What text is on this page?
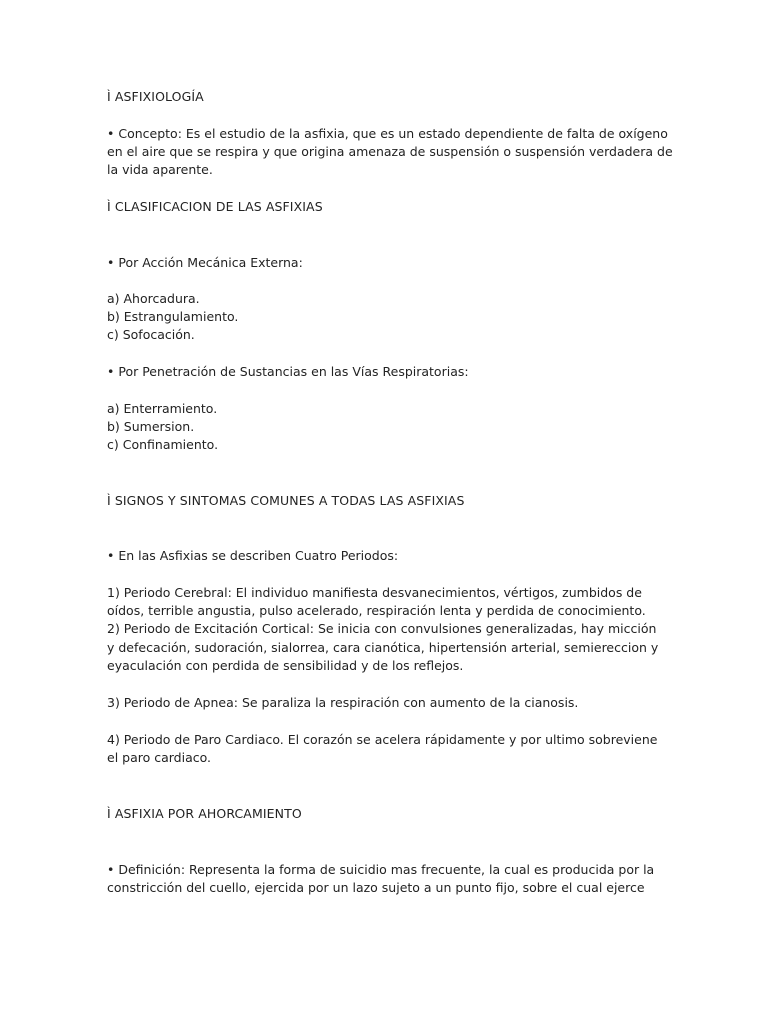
Ì ASFIXIOLOGÍA
• Concepto: Es el estudio de la asfixia, que es un estado dependiente de falta de oxígeno
en el aire que se respira y que origina amenaza de suspensión o suspensión verdadera de
la vida aparente.
Ì CLASIFICACION DE LAS ASFIXIAS
• Por Acción Mecánica Externa:
a) Ahorcadura.
b) Estrangulamiento.
c) Sofocación.
• Por Penetración de Sustancias en las Vías Respiratorias:
a) Enterramiento.
b) Sumersion.
c) Confinamiento.
Ì SIGNOS Y SINTOMAS COMUNES A TODAS LAS ASFIXIAS
• En las Asfixias se describen Cuatro Periodos:
1) Periodo Cerebral: El individuo manifiesta desvanecimientos, vértigos, zumbidos de
oídos, terrible angustia, pulso acelerado, respiración lenta y perdida de conocimiento.
2) Periodo de Excitación Cortical: Se inicia con convulsiones generalizadas, hay micción
y defecación, sudoración, sialorrea, cara cianótica, hipertensión arterial, semiereccion y
eyaculación con perdida de sensibilidad y de los reflejos.
3) Periodo de Apnea: Se paraliza la respiración con aumento de la cianosis.
4) Periodo de Paro Cardiaco. El corazón se acelera rápidamente y por ultimo sobreviene
el paro cardiaco.
Ì ASFIXIA POR AHORCAMIENTO
• Definición: Representa la forma de suicidio mas frecuente, la cual es producida por la
constricción del cuello, ejercida por un lazo sujeto a un punto fijo, sobre el cual ejerce
